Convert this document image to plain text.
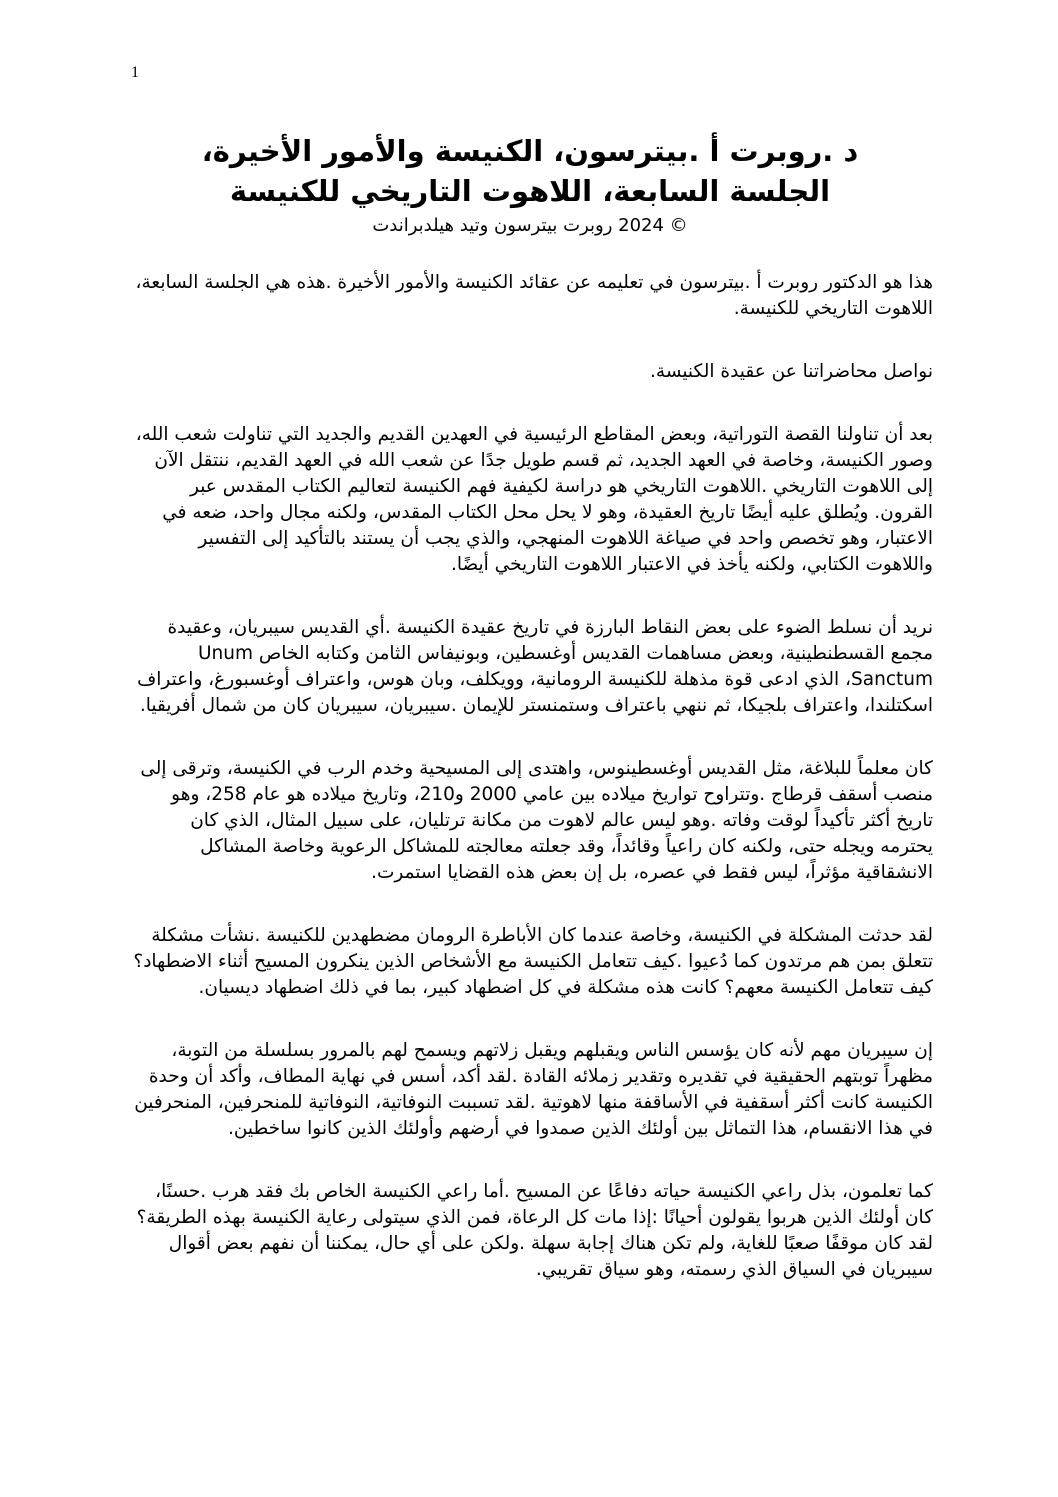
1
د .روبرت أ .بيترسون، الكنيسة والأمور الأخيرة،
الجلسة السابعة، اللاهوت التاريخي للكنيسة
© 2024 روبرت بيترسون وتيد هيلدبراندت

هذا هو الدكتور روبرت أ .بيترسون في تعليمه عن عقائد الكنيسة والأمور الأخيرة .هذه هي الجلسة السابعة، اللاهوت التاريخي للكنيسة.

نواصل محاضراتنا عن عقيدة الكنيسة.

بعد أن تناولنا القصة التوراتية، وبعض المقاطع الرئيسية في العهدين القديم والجديد التي تناولت شعب الله، وصور الكنيسة، وخاصة في العهد الجديد، ثم قسم طويل جدًا عن شعب الله في العهد القديم، ننتقل الآن إلى اللاهوت التاريخي .اللاهوت التاريخي هو دراسة لكيفية فهم الكنيسة لتعاليم الكتاب المقدس عبر القرون. ويُطلق عليه أيضًا تاريخ العقيدة، وهو لا يحل محل الكتاب المقدس، ولكنه مجال واحد، ضعه في الاعتبار، وهو تخصص واحد في صياغة اللاهوت المنهجي، والذي يجب أن يستند بالتأكيد إلى التفسير واللاهوت الكتابي، ولكنه يأخذ في الاعتبار اللاهوت التاريخي أيضًا.

نريد أن نسلط الضوء على بعض النقاط البارزة في تاريخ عقيدة الكنيسة .أي القديس سيبريان، وعقيدة مجمع القسطنطينية، وبعض مساهمات القديس أوغسطين، وبونيفاس الثامن وكتابه الخاص Unum Sanctum، الذي ادعى قوة مذهلة للكنيسة الرومانية، وويكلف، وبان هوس، واعتراف أوغسبورغ، واعتراف اسكتلندا، واعتراف بلجيكا، ثم ننهي باعتراف وستمنستر للإيمان .سيبريان، سيبريان كان من شمال أفريقيا.

كان معلماً للبلاغة، مثل القديس أوغسطينوس، واهتدى إلى المسيحية وخدم الرب في الكنيسة، وترقى إلى منصب أسقف قرطاج .وتتراوح تواريخ ميلاده بين عامي 2000 و210، وتاريخ ميلاده هو عام 258، وهو تاريخ أكثر تأكيداً لوقت وفاته .وهو ليس عالم لاهوت من مكانة ترتليان، على سبيل المثال، الذي كان يحترمه ويجله حتى، ولكنه كان راعياً وقائداً، وقد جعلته معالجته للمشاكل الرعوية وخاصة المشاكل الانشقاقية مؤثراً، ليس فقط في عصره، بل إن بعض هذه القضايا استمرت.

لقد حدثت المشكلة في الكنيسة، وخاصة عندما كان الأباطرة الرومان مضطهدين للكنيسة .نشأت مشكلة تتعلق بمن هم مرتدون كما دُعيوا .كيف تتعامل الكنيسة مع الأشخاص الذين ينكرون المسيح أثناء الاضطهاد؟ كيف تتعامل الكنيسة معهم؟ كانت هذه مشكلة في كل اضطهاد كبير، بما في ذلك اضطهاد ديسيان.

إن سيبريان مهم لأنه كان يؤسس الناس ويقبلهم ويقبل زلاتهم ويسمح لهم بالمرور بسلسلة من التوبة، مظهراً توبتهم الحقيقية في تقديره وتقدير زملائه القادة .لقد أكد، أسس في نهاية المطاف، وأكد أن وحدة الكنيسة كانت أكثر أسقفية في الأساقفة منها لاهوتية .لقد تسببت النوفاتية، النوفاتية للمنحرفين، المنحرفين في هذا الانقسام، هذا التماثل بين أولئك الذين صمدوا في أرضهم وأولئك الذين كانوا ساخطين.

كما تعلمون، بذل راعي الكنيسة حياته دفاعًا عن المسيح .أما راعي الكنيسة الخاص بك فقد هرب .حسنًا، كان أولئك الذين هربوا يقولون أحيانًا :إذا مات كل الرعاة، فمن الذي سيتولى رعاية الكنيسة بهذه الطريقة؟ لقد كان موقفًا صعبًا للغاية، ولم تكن هناك إجابة سهلة .ولكن على أي حال، يمكننا أن نفهم بعض أقوال سيبريان في السياق الذي رسمته، وهو سياق تقريبي.
